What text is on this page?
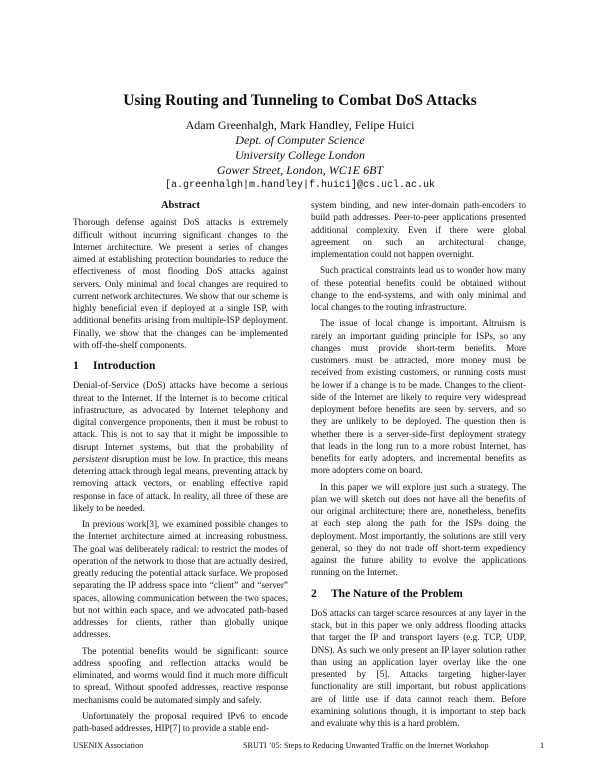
Using Routing and Tunneling to Combat DoS Attacks
Adam Greenhalgh, Mark Handley, Felipe Huici
Dept. of Computer Science
University College London
Gower Street, London, WC1E 6BT
[a.greenhalgh|m.handley|f.huici]@cs.ucl.ac.uk
Abstract

Thorough defense against DoS attacks is extremely difficult without incurring significant changes to the Internet architecture. We present a series of changes aimed at establishing protection boundaries to reduce the effectiveness of most flooding DoS attacks against servers. Only minimal and local changes are required to current network architectures. We show that our scheme is highly beneficial even if deployed at a single ISP, with additional benefits arising from multiple-ISP deployment. Finally, we show that the changes can be implemented with off-the-shelf components.

1 Introduction

Denial-of-Service (DoS) attacks have become a serious threat to the Internet. If the Internet is to become critical infrastructure, as advocated by Internet telephony and digital convergence proponents, then it must be robust to attack. This is not to say that it might be impossible to disrupt Internet systems, but that the probability of persistent disruption must be low. In practice, this means deterring attack through legal means, preventing attack by removing attack vectors, or enabling effective rapid response in face of attack. In reality, all three of these are likely to be needed.

In previous work[3], we examined possible changes to the Internet architecture aimed at increasing robustness. The goal was deliberately radical: to restrict the modes of operation of the network to those that are actually desired, greatly reducing the potential attack surface. We proposed separating the IP address space into “client” and “server” spaces, allowing communication between the two spaces, but not within each space, and we advocated path-based addresses for clients, rather than globally unique addresses.

The potential benefits would be significant: source address spoofing and reflection attacks would be eliminated, and worms would find it much more difficult to spread. Without spoofed addresses, reactive response mechanisms could be automated simply and safely.

Unfortunately the proposal required IPv6 to encode path-based addresses, HIP[7] to provide a stable end-

system binding, and new inter-domain path-encoders to build path addresses. Peer-to-peer applications presented additional complexity. Even if there were global agreement on such an architectural change, implementation could not happen overnight.

Such practical constraints lead us to wonder how many of these potential benefits could be obtained without change to the end-systems, and with only minimal and local changes to the routing infrastructure.

The issue of local change is important. Altruism is rarely an important guiding principle for ISPs, so any changes must provide short-term benefits. More customers must be attracted, more money must be received from existing customers, or running costs must be lower if a change is to be made. Changes to the client-side of the Internet are likely to require very widespread deployment before benefits are seen by servers, and so they are unlikely to be deployed. The question then is whether there is a server-side-first deployment strategy that leads in the long run to a more robust Internet, has benefits for early adopters, and incremental benefits as more adopters come on board.

In this paper we will explore just such a strategy. The plan we will sketch out does not have all the benefits of our original architecture; there are, nonetheless, benefits at each step along the path for the ISPs doing the deployment. Most importantly, the solutions are still very general, so they do not trade off short-term expediency against the future ability to evolve the applications running on the Internet.

2 The Nature of the Problem

DoS attacks can target scarce resources at any layer in the stack, but in this paper we only address flooding attacks that target the IP and transport layers (e.g. TCP, UDP, DNS). As such we only present an IP layer solution rather than using an application layer overlay like the one presented by [5]. Attacks targeting higher-layer functionality are still important, but robust applications are of little use if data cannot reach them. Before examining solutions though, it is important to step back and evaluate why this is a hard problem.

USENIX Association	SRUTI ’05: Steps to Reducing Unwanted Traffic on the Internet Workshop	1
